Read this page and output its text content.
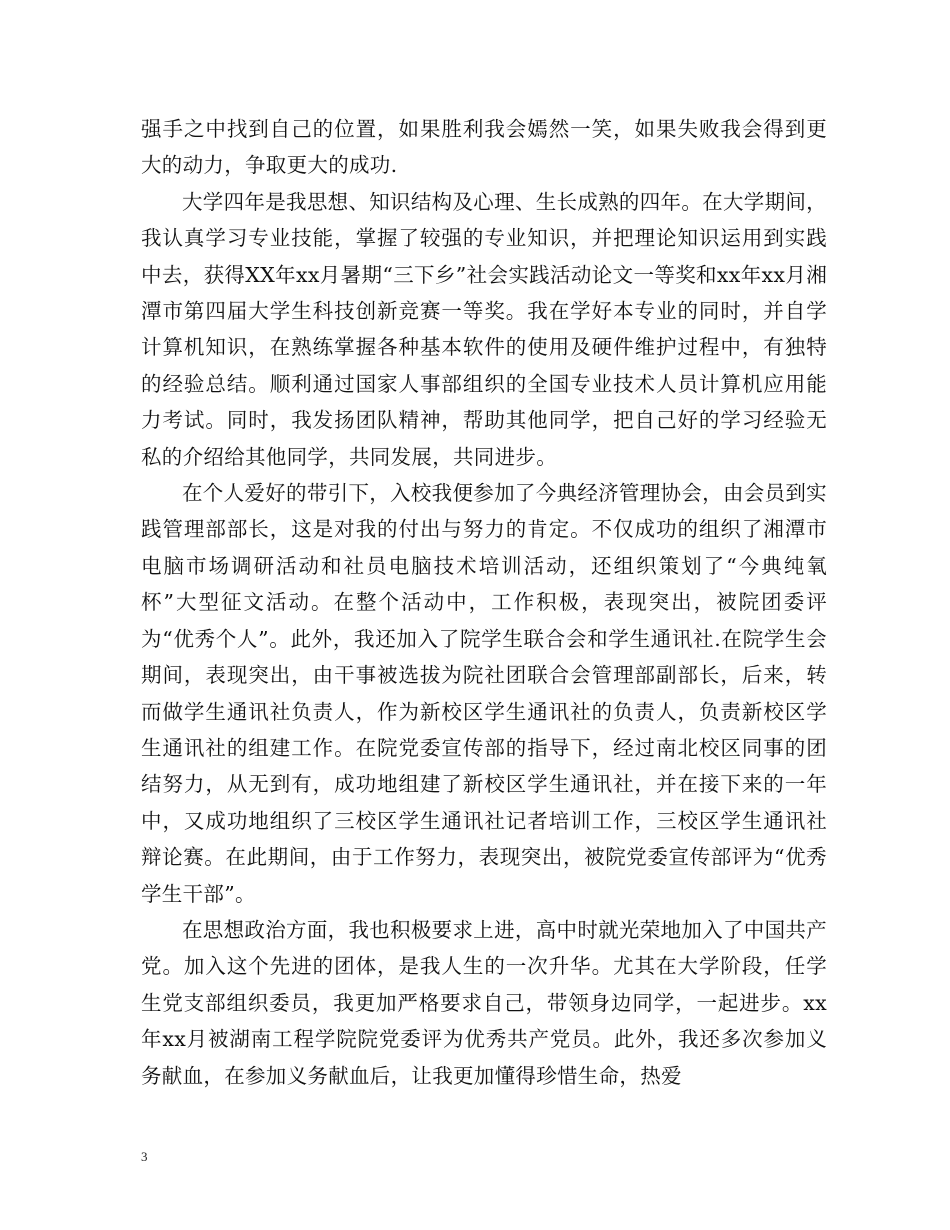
强手之中找到自己的位置，如果胜利我会嫣然一笑，如果失败我会得到更大的动力，争取更大的成功.

大学四年是我思想、知识结构及心理、生长成熟的四年。在大学期间，我认真学习专业技能，掌握了较强的专业知识，并把理论知识运用到实践中去，获得XX年xx月暑期“三下乡”社会实践活动论文一等奖和xx年xx月湘潭市第四届大学生科技创新竞赛一等奖。我在学好本专业的同时，并自学计算机知识，在熟练掌握各种基本软件的使用及硬件维护过程中，有独特的经验总结。顺利通过国家人事部组织的全国专业技术人员计算机应用能力考试。同时，我发扬团队精神，帮助其他同学，把自己好的学习经验无私的介绍给其他同学，共同发展，共同进步。

在个人爱好的带引下，入校我便参加了今典经济管理协会，由会员到实践管理部部长，这是对我的付出与努力的肯定。不仅成功的组织了湘潭市电脑市场调研活动和社员电脑技术培训活动，还组织策划了“今典纯氧杯”大型征文活动。在整个活动中，工作积极，表现突出，被院团委评为“优秀个人”。此外，我还加入了院学生联合会和学生通讯社.在院学生会期间，表现突出，由干事被选拔为院社团联合会管理部副部长，后来，转而做学生通讯社负责人，作为新校区学生通讯社的负责人，负责新校区学生通讯社的组建工作。在院党委宣传部的指导下，经过南北校区同事的团结努力，从无到有，成功地组建了新校区学生通讯社，并在接下来的一年中，又成功地组织了三校区学生通讯社记者培训工作，三校区学生通讯社辩论赛。在此期间，由于工作努力，表现突出，被院党委宣传部评为“优秀学生干部”。

在思想政治方面，我也积极要求上进，高中时就光荣地加入了中国共产党。加入这个先进的团体，是我人生的一次升华。尤其在大学阶段，任学生党支部组织委员，我更加严格要求自己，带领身边同学，一起进步。xx年xx月被湖南工程学院院党委评为优秀共产党员。此外，我还多次参加义务献血，在参加义务献血后，让我更加懂得珍惜生命，热爱

3
